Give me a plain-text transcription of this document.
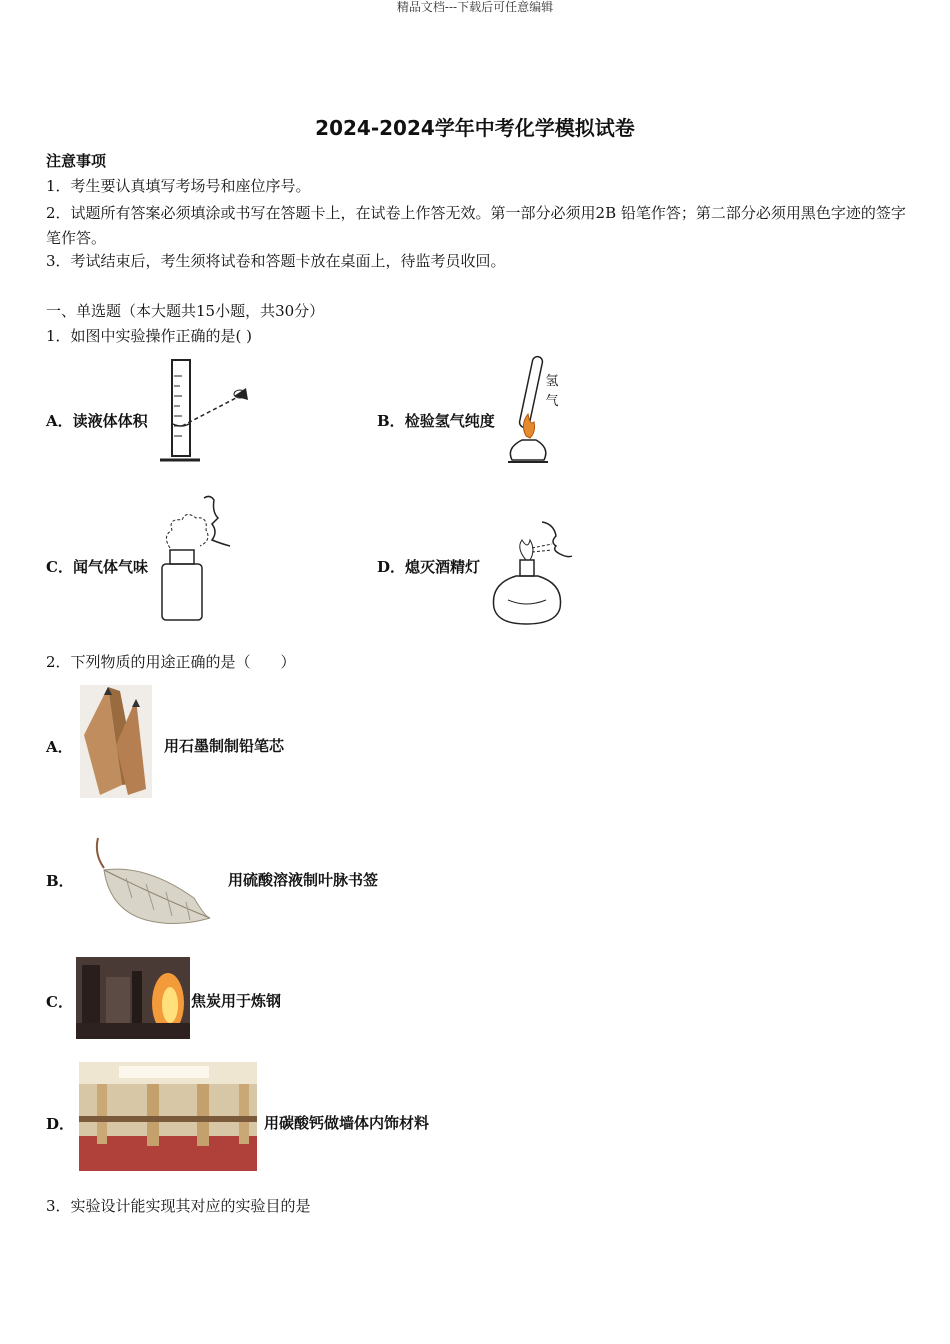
精品文档---下载后可任意编辑
2024-2024学年中考化学模拟试卷
注意事项
1．考生要认真填写考场号和座位序号。
2．试题所有答案必须填涂或书写在答题卡上，在试卷上作答无效。第一部分必须用2B 铅笔作答；第二部分必须用黑色字迹的签字笔作答。
3．考试结束后，考生须将试卷和答题卡放在桌面上，待监考员收回。
一、单选题（本大题共15小题，共30分）
1．如图中实验操作正确的是( )
A．读液体体积	B．检验氢气纯度
氢气
C．闻气体气味	D．熄灭酒精灯
2．下列物质的用途正确的是（　　）
A．	用石墨制制铅笔芯
B．	用硫酸溶液制叶脉书签
C．	焦炭用于炼钢
D．	用碳酸钙做墙体内饰材料
3．实验设计能实现其对应的实验目的是
